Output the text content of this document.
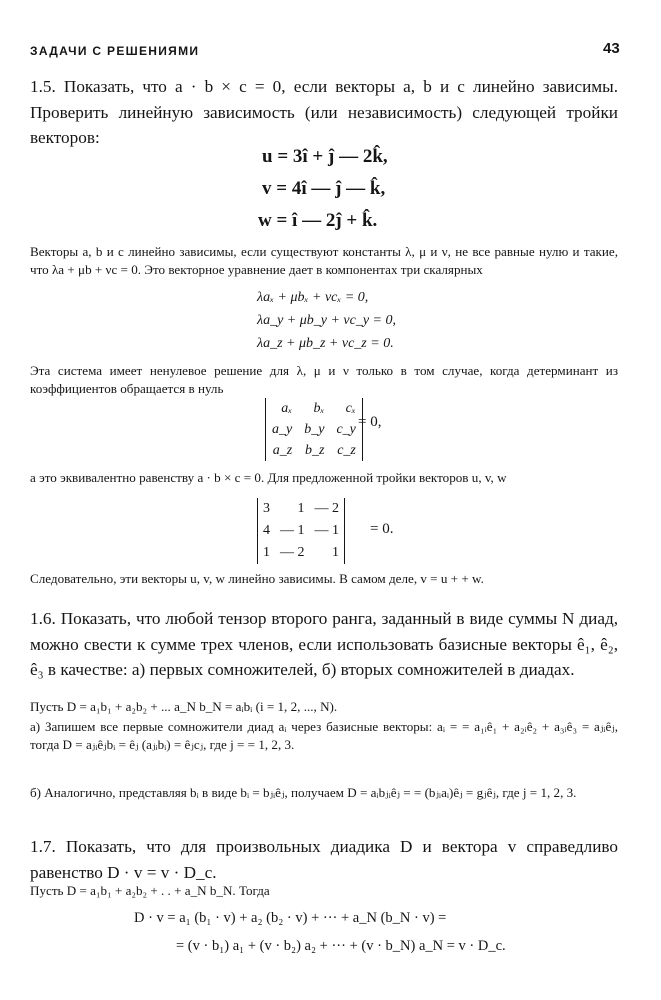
ЗАДАЧИ С РЕШЕНИЯМИ	43

1.5. Показать, что a · b × c = 0, если векторы a, b и c линейно зависимы. Проверить линейную зависимость (или независимость) следующей тройки векторов:

u = 3î + ĵ — 2k̂,

v = 4î — ĵ — k̂,

w = î — 2ĵ + k̂.

Векторы a, b и c линейно зависимы, если существуют константы λ, μ и ν, не все равные нулю и такие, что λa + μb + νc = 0. Это векторное уравнение дает в компонентах три скалярных

λaₓ + μbₓ + νcₓ = 0,

λa_y + μb_y + νc_y = 0,

λa_z + μb_z + νc_z = 0.

Эта система имеет ненулевое решение для λ, μ и ν только в том случае, когда детерминант из коэффициентов обращается в нуль

aₓ	bₓ	cₓ
a_y	b_y	c_y
a_z	b_z	c_z

= 0,

а это эквивалентно равенству a · b × c = 0. Для предложенной тройки векторов u, v, w

3	1	— 2
4	— 1	— 1
1	— 2	1

= 0.

Следовательно, эти векторы u, v, w линейно зависимы. В самом деле, v = u + + w.

1.6. Показать, что любой тензор второго ранга, заданный в виде суммы N диад, можно свести к сумме трех членов, если использовать базисные векторы ê₁, ê₂, ê₃ в качестве: а) первых сомножителей, б) вторых сомножителей в диадах.

Пусть D = a₁b₁ + a₂b₂ + ... a_N b_N = aᵢbᵢ (i = 1, 2, ..., N).

а) Запишем все первые сомножители диад aᵢ через базисные векторы: aᵢ = = a₁ᵢê₁ + a₂ᵢê₂ + a₃ᵢê₃ = aⱼᵢêⱼ, тогда D = aⱼᵢêⱼbᵢ = êⱼ (aⱼᵢbᵢ) = êⱼcⱼ, где j = = 1, 2, 3.

б) Аналогично, представляя bᵢ в виде bᵢ = bⱼᵢêⱼ, получаем D = aᵢbⱼᵢêⱼ = = (bⱼᵢaᵢ)êⱼ = gⱼêⱼ, где j = 1, 2, 3.

1.7. Показать, что для произвольных диадика D и вектора v справедливо равенство D · v = v · D_c.

Пусть D = a₁b₁ + a₂b₂ + . . + a_N b_N. Тогда

D · v = a₁ (b₁ · v) + a₂ (b₂ · v) + ··· + a_N (b_N · v) =

= (v · b₁) a₁ + (v · b₂) a₂ + ··· + (v · b_N) a_N = v · D_c.
